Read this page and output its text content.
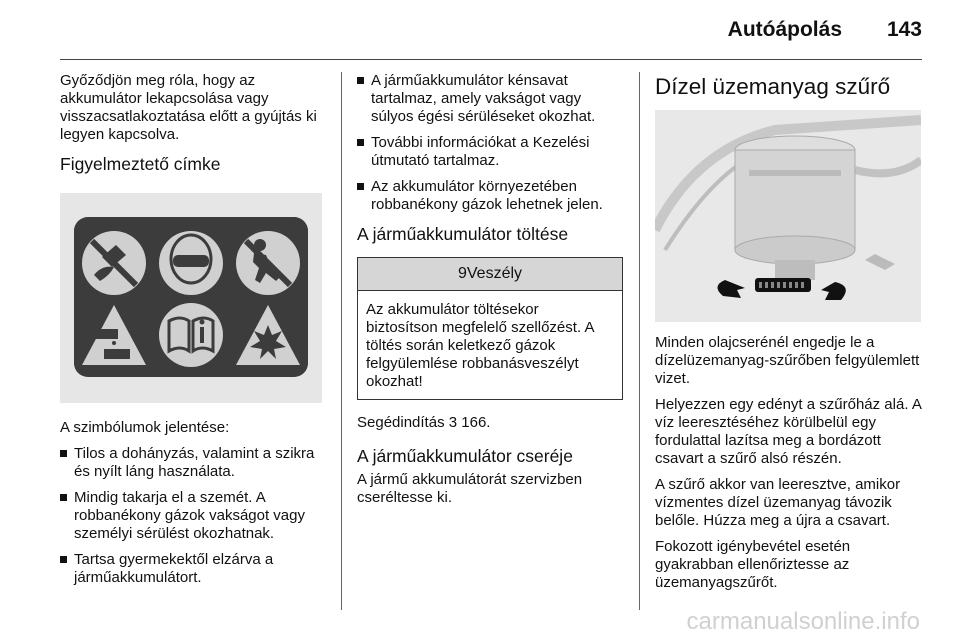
Autóápolás 143

Győződjön meg róla, hogy az akkumulátor lekapcsolása vagy visszacsatlakoztatása előtt a gyújtás ki legyen kapcsolva.

Figyelmeztető címke

A szimbólumok jelentése:

Tilos a dohányzás, valamint a szikra és nyílt láng használata.
Mindig takarja el a szemét. A robbanékony gázok vakságot vagy személyi sérülést okozhatnak.
Tartsa gyermekektől elzárva a járműakkumulátort.
A járműakkumulátor kénsavat tartalmaz, amely vakságot vagy súlyos égési sérüléseket okozhat.
További információkat a Kezelési útmutató tartalmaz.
Az akkumulátor környezetében robbanékony gázok lehetnek jelen.
A járműakkumulátor töltése
9Veszély
Az akkumulátor töltésekor biztosítson megfelelő szellőzést. A töltés során keletkező gázok felgyülemlése robbanásveszélyt okozhat!

Segédindítás 3 166.

A járműakkumulátor cseréje

A jármű akkumulátorát szervizben cseréltesse ki.

Dízel üzemanyag szűrő

Minden olajcserénél engedje le a dízelüzemanyag-szűrőben felgyülemlett vizet.

Helyezzen egy edényt a szűrőház alá. A víz leeresztéséhez körülbelül egy fordulattal lazítsa meg a bordázott csavart a szűrő alsó részén.

A szűrő akkor van leeresztve, amikor vízmentes dízel üzemanyag távozik belőle. Húzza meg a újra a csavart.

Fokozott igénybevétel esetén gyakrabban ellenőriztesse az üzemanyagszűrőt.

carmanualsonline.info
